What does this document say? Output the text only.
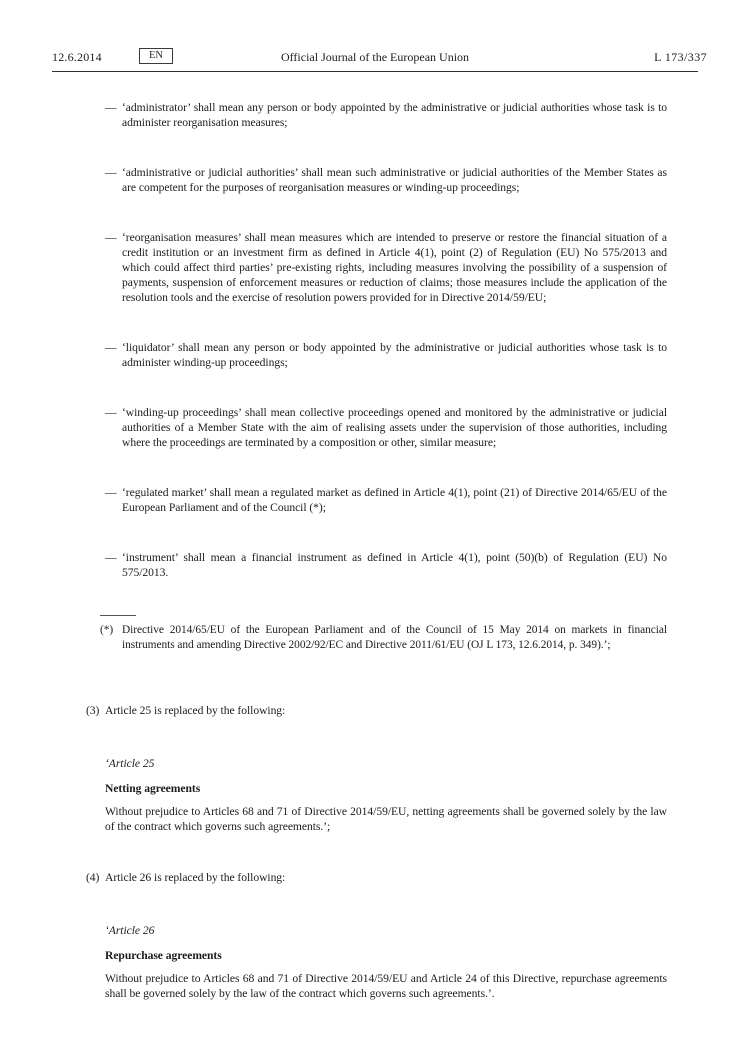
12.6.2014	EN	Official Journal of the European Union	L 173/337
— ‘administrator’ shall mean any person or body appointed by the administrative or judicial authorities whose task is to administer reorganisation measures;

— ‘administrative or judicial authorities’ shall mean such administrative or judicial authorities of the Member States as are competent for the purposes of reorganisation measures or winding-up proceedings;

— ‘reorganisation measures’ shall mean measures which are intended to preserve or restore the financial situation of a credit institution or an investment firm as defined in Article 4(1), point (2) of Regulation (EU) No 575/2013 and which could affect third parties’ pre-existing rights, including measures involving the possibility of a suspension of payments, suspension of enforcement measures or reduction of claims; those measures include the application of the resolution tools and the exercise of resolution powers provided for in Directive 2014/59/EU;

— ‘liquidator’ shall mean any person or body appointed by the administrative or judicial authorities whose task is to administer winding-up proceedings;

— ‘winding-up proceedings’ shall mean collective proceedings opened and monitored by the administrative or judicial authorities of a Member State with the aim of realising assets under the supervision of those authorities, including where the proceedings are terminated by a composition or other, similar measure;

— ‘regulated market’ shall mean a regulated market as defined in Article 4(1), point (21) of Directive 2014/65/EU of the European Parliament and of the Council (*);

— ‘instrument’ shall mean a financial instrument as defined in Article 4(1), point (50)(b) of Regulation (EU) No 575/2013.

(*) Directive 2014/65/EU of the European Parliament and of the Council of 15 May 2014 on markets in financial instruments and amending Directive 2002/92/EC and Directive 2011/61/EU (OJ L 173, 12.6.2014, p. 349).’;

(3) Article 25 is replaced by the following:

‘Article 25

Netting agreements

Without prejudice to Articles 68 and 71 of Directive 2014/59/EU, netting agreements shall be governed solely by the law of the contract which governs such agreements.’;

(4) Article 26 is replaced by the following:

‘Article 26

Repurchase agreements

Without prejudice to Articles 68 and 71 of Directive 2014/59/EU and Article 24 of this Directive, repurchase agreements shall be governed solely by the law of the contract which governs such agreements.’.
